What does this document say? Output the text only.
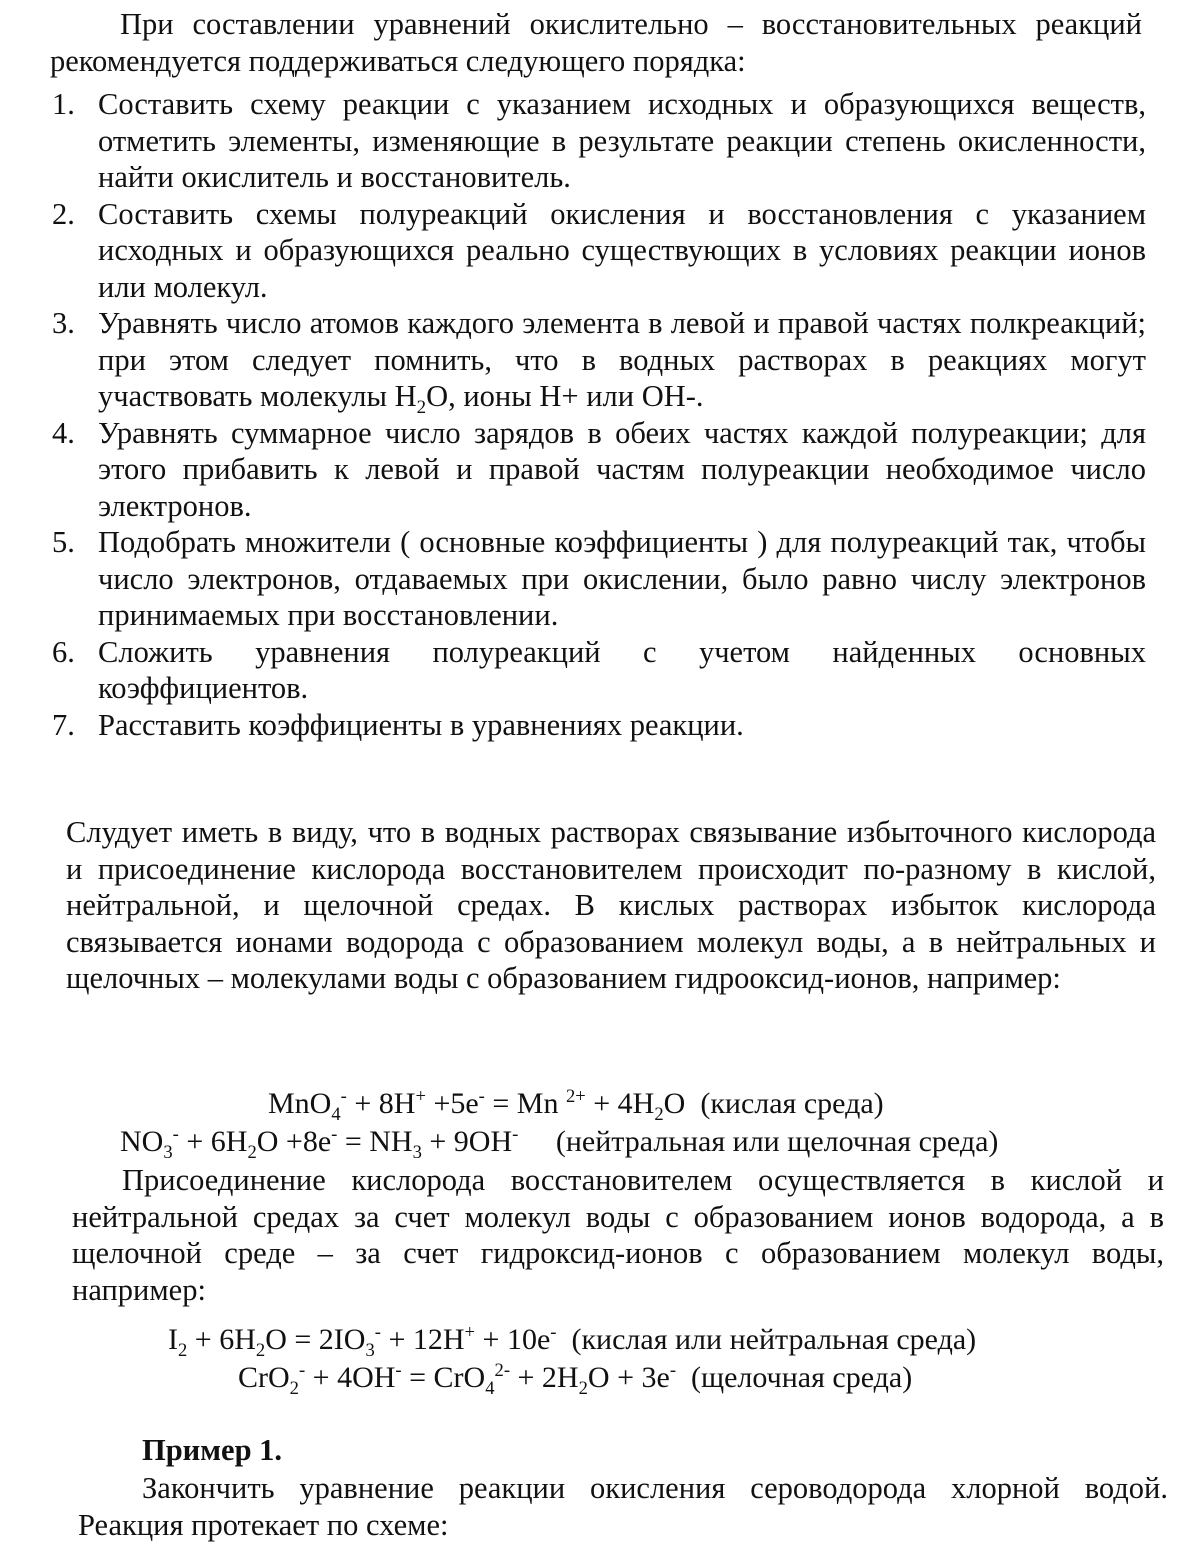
При составлении уравнений окислительно – восстановительных реакций рекомендуется поддерживаться следующего порядка:

1. Составить схему реакции с указанием исходных и образующихся веществ, отметить элементы, изменяющие в результате реакции степень окисленности, найти окислитель и восстановитель.
2. Составить схемы полуреакций окисления и восстановления с указанием исходных и образующихся реально существующих в условиях реакции ионов или молекул.
3. Уравнять число атомов каждого элемента в левой и правой частях полкреакций; при этом следует помнить, что в водных растворах в реакциях могут участвовать молекулы $H_2O$, ионы H+ или OH-.
4. Уравнять суммарное число зарядов в обеих частях каждой полуреакции; для этого прибавить к левой и правой частям полуреакции необходимое число электронов.
5. Подобрать множители ( основные коэффициенты ) для полуреакций так, чтобы число электронов, отдаваемых при окислении, было равно числу электронов принимаемых при восстановлении.
6. Сложить уравнения полуреакций с учетом найденных основных коэффициентов.
7. Расставить коэффициенты в уравнениях реакции.

Слудует иметь в виду, что в водных растворах связывание избыточного кислорода и присоединение кислорода восстановителем происходит по-разному в кислой, нейтральной, и щелочной средах. В кислых растворах избыток кислорода связывается ионами водорода с образованием молекул воды, а в нейтральных и щелочных – молекулами воды с образованием гидрооксид-ионов, например:

MnO$_4$- + 8H+ +5e- = Mn $^{2+} + 4H_2O$ (кислая среда)

$NO_3^- + 6H_2O +8e^- = NH_3 + 9OH^-$ (нейтральная или щелочная среда)

Присоединение кислорода восстановителем осуществляется в кислой и нейтральной средах за счет молекул воды с образованием ионов водорода, а в щелочной среде – за счет гидроксид-ионов с образованием молекул воды, например:

$I_2 + 6H_2O = 2IO_3^- + 12H^+ + 10e^-$ (кислая или нейтральная среда)

$CrO_2^- + 4OH^- = CrO_4^{2-} + 2H_2O + 3e^-$ (щелочная среда)

Пример 1.

Закончить уравнение реакции окисления сероводорода хлорной водой. Реакция протекает по схеме:
